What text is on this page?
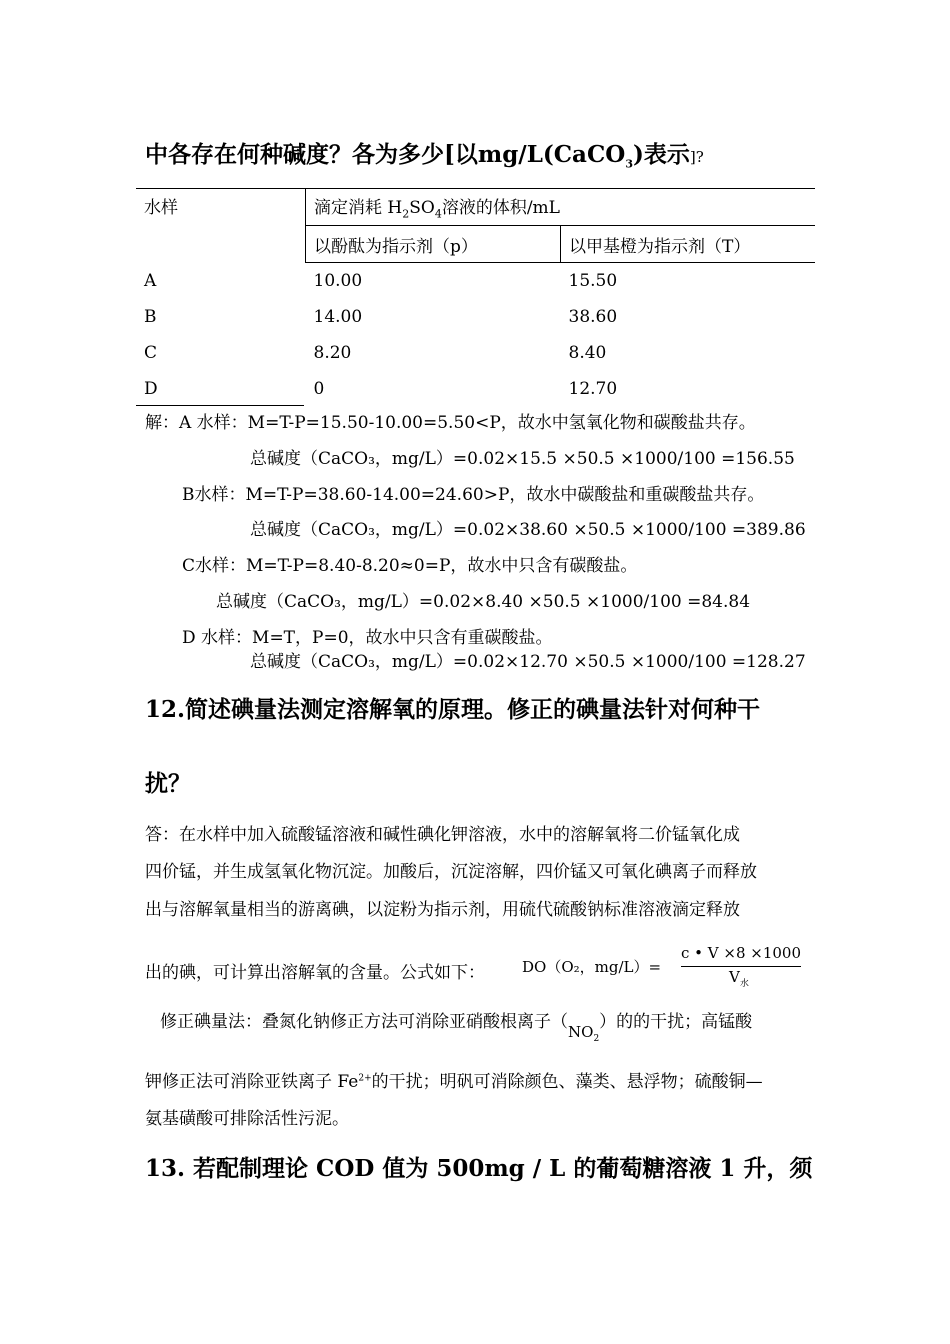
中各存在何种碱度？各为多少[以mg/L(CaCO$_3$)表示]?
水样	滴定消耗 $H_2SO_4$溶液的体积/mL	
	以酚酞为指示剂（p）	以甲基橙为指示剂（T）
A	10.00	15.50
B	14.00	38.60
C	8.20	8.40
D	0	12.70
解：A 水样：M=T-P=15.50-10.00=5.50<P，故水中氢氧化物和碳酸盐共存。
总碱度（CaCO₃，mg/L）=0.02×15.5 ×50.5 ×1000/100 =156.55
B水样：M=T-P=38.60-14.00=24.60>P，故水中碳酸盐和重碳酸盐共存。
总碱度（CaCO₃，mg/L）=0.02×38.60 ×50.5 ×1000/100 =389.86
C水样：M=T-P=8.40-8.20≈0=P，故水中只含有碳酸盐。
总碱度（CaCO₃，mg/L）=0.02×8.40 ×50.5 ×1000/100 =84.84
D 水样：M=T，P=0，故水中只含有重碳酸盐。
总碱度（CaCO₃，mg/L）=0.02×12.70 ×50.5 ×1000/100 =128.27
12.简述碘量法测定溶解氧的原理。修正的碘量法针对何种干
扰？
答：在水样中加入硫酸锰溶液和碱性碘化钾溶液，水中的溶解氧将二价锰氧化成
四价锰，并生成氢氧化物沉淀。加酸后，沉淀溶解，四价锰又可氧化碘离子而释放
出与溶解氧量相当的游离碘，以淀粉为指示剂，用硫代硫酸钠标准溶液滴定释放
出的碘，可计算出溶解氧的含量。公式如下： DO（O₂，mg/L）=
c • V ×8 ×1000
$V_水$
修正碘量法：叠氮化钠修正方法可消除亚硝酸根离子$(NO_2)$的的干扰；高锰酸
钾修正法可消除亚铁离子 $Fe^{2+}$的干扰；明矾可消除颜色、藻类、悬浮物；硫酸铜—
氨基磺酸可排除活性污泥。
13. 若配制理论 COD 值为 500mg / L 的葡萄糖溶液 1 升，须
